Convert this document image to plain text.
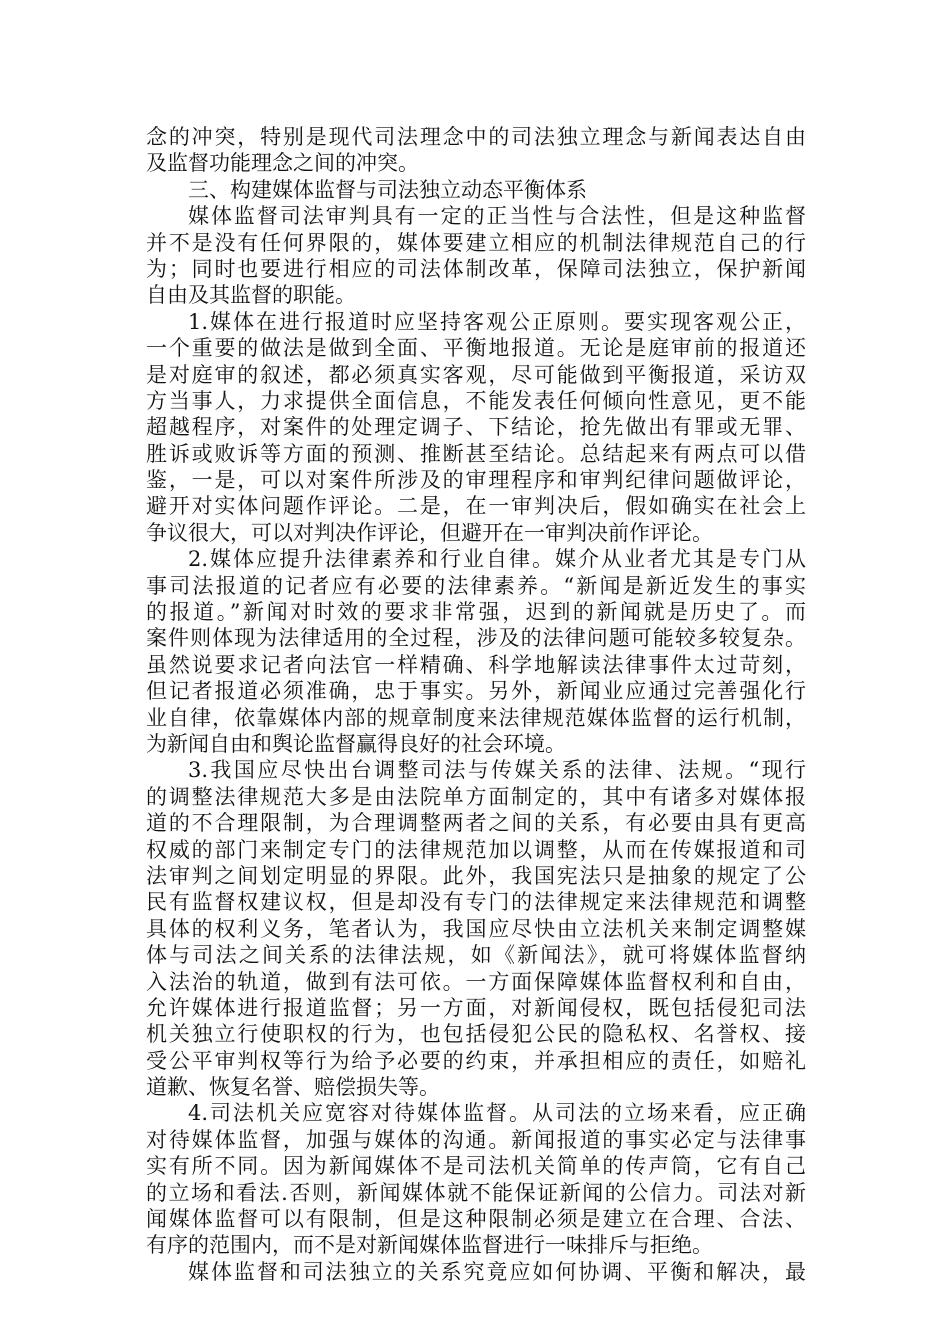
念的冲突，特别是现代司法理念中的司法独立理念与新闻表达自由
及监督功能理念之间的冲突。
三、构建媒体监督与司法独立动态平衡体系
媒体监督司法审判具有一定的正当性与合法性，但是这种监督
并不是没有任何界限的，媒体要建立相应的机制法律规范自己的行
为；同时也要进行相应的司法体制改革，保障司法独立，保护新闻
自由及其监督的职能。
1.媒体在进行报道时应坚持客观公正原则。要实现客观公正，
一个重要的做法是做到全面、平衡地报道。无论是庭审前的报道还
是对庭审的叙述，都必须真实客观，尽可能做到平衡报道，采访双
方当事人，力求提供全面信息，不能发表任何倾向性意见，更不能
超越程序，对案件的处理定调子、下结论，抢先做出有罪或无罪、
胜诉或败诉等方面的预测、推断甚至结论。总结起来有两点可以借
鉴，一是，可以对案件所涉及的审理程序和审判纪律问题做评论，
避开对实体问题作评论。二是，在一审判决后，假如确实在社会上
争议很大，可以对判决作评论，但避开在一审判决前作评论。
2.媒体应提升法律素养和行业自律。媒介从业者尤其是专门从
事司法报道的记者应有必要的法律素养。“新闻是新近发生的事实
的报道。”新闻对时效的要求非常强，迟到的新闻就是历史了。而
案件则体现为法律适用的全过程，涉及的法律问题可能较多较复杂。
虽然说要求记者向法官一样精确、科学地解读法律事件太过苛刻，
但记者报道必须准确，忠于事实。另外，新闻业应通过完善强化行
业自律，依靠媒体内部的规章制度来法律规范媒体监督的运行机制，
为新闻自由和舆论监督赢得良好的社会环境。
3.我国应尽快出台调整司法与传媒关系的法律、法规。“现行
的调整法律规范大多是由法院单方面制定的，其中有诸多对媒体报
道的不合理限制，为合理调整两者之间的关系，有必要由具有更高
权威的部门来制定专门的法律规范加以调整，从而在传媒报道和司
法审判之间划定明显的界限。此外，我国宪法只是抽象的规定了公
民有监督权建议权，但是却没有专门的法律规定来法律规范和调整
具体的权利义务，笔者认为，我国应尽快由立法机关来制定调整媒
体与司法之间关系的法律法规，如《新闻法》，就可将媒体监督纳
入法治的轨道，做到有法可依。一方面保障媒体监督权利和自由，
允许媒体进行报道监督；另一方面，对新闻侵权，既包括侵犯司法
机关独立行使职权的行为，也包括侵犯公民的隐私权、名誉权、接
受公平审判权等行为给予必要的约束，并承担相应的责任，如赔礼
道歉、恢复名誉、赔偿损失等。
4.司法机关应宽容对待媒体监督。从司法的立场来看，应正确
对待媒体监督，加强与媒体的沟通。新闻报道的事实必定与法律事
实有所不同。因为新闻媒体不是司法机关简单的传声筒，它有自己
的立场和看法.否则，新闻媒体就不能保证新闻的公信力。司法对新
闻媒体监督可以有限制，但是这种限制必须是建立在合理、合法、
有序的范围内，而不是对新闻媒体监督进行一味排斥与拒绝。
媒体监督和司法独立的关系究竟应如何协调、平衡和解决，最
